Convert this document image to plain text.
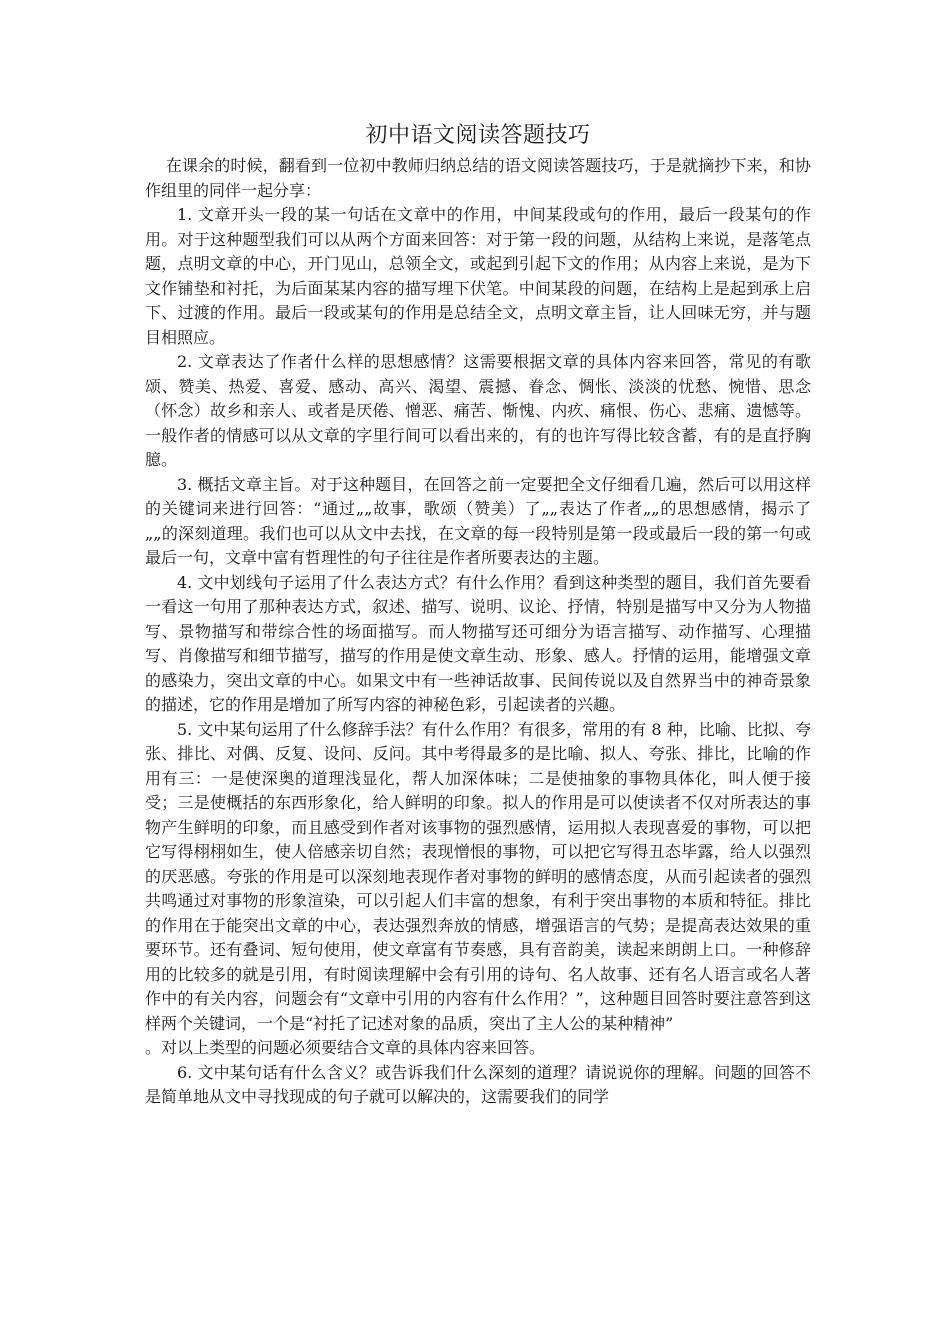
初中语文阅读答题技巧

在课余的时候，翻看到一位初中教师归纳总结的语文阅读答题技巧，于是就摘抄下来，和协作组里的同伴一起分享：

1. 文章开头一段的某一句话在文章中的作用，中间某段或句的作用，最后一段某句的作用。对于这种题型我们可以从两个方面来回答：对于第一段的问题，从结构上来说，是落笔点题，点明文章的中心，开门见山，总领全文，或起到引起下文的作用；从内容上来说，是为下文作铺垫和衬托，为后面某某内容的描写埋下伏笔。中间某段的问题，在结构上是起到承上启下、过渡的作用。最后一段或某句的作用是总结全文，点明文章主旨，让人回味无穷，并与题目相照应。

2. 文章表达了作者什么样的思想感情？这需要根据文章的具体内容来回答，常见的有歌颂、赞美、热爱、喜爱、感动、高兴、渴望、震撼、眷念、惆怅、淡淡的忧愁、惋惜、思念（怀念）故乡和亲人、或者是厌倦、憎恶、痛苦、惭愧、内疚、痛恨、伤心、悲痛、遗憾等。一般作者的情感可以从文章的字里行间可以看出来的，有的也许写得比较含蓄，有的是直抒胸臆。

3. 概括文章主旨。对于这种题目，在回答之前一定要把全文仔细看几遍，然后可以用这样的关键词来进行回答：“通过„„故事，歌颂（赞美）了„„表达了作者„„的思想感情，揭示了„„的深刻道理。我们也可以从文中去找，在文章的每一段特别是第一段或最后一段的第一句或最后一句，文章中富有哲理性的句子往往是作者所要表达的主题。

4. 文中划线句子运用了什么表达方式？有什么作用？看到这种类型的题目，我们首先要看一看这一句用了那种表达方式，叙述、描写、说明、议论、抒情，特别是描写中又分为人物描写、景物描写和带综合性的场面描写。而人物描写还可细分为语言描写、动作描写、心理描写、肖像描写和细节描写，描写的作用是使文章生动、形象、感人。抒情的运用，能增强文章的感染力，突出文章的中心。如果文中有一些神话故事、民间传说以及自然界当中的神奇景象的描述，它的作用是增加了所写内容的神秘色彩，引起读者的兴趣。

5. 文中某句运用了什么修辞手法？有什么作用？有很多，常用的有 8 种，比喻、比拟、夸张、排比、对偶、反复、设问、反问。其中考得最多的是比喻、拟人、夸张、排比，比喻的作用有三：一是使深奥的道理浅显化，帮人加深体味；二是使抽象的事物具体化，叫人便于接受；三是使概括的东西形象化，给人鲜明的印象。拟人的作用是可以使读者不仅对所表达的事物产生鲜明的印象，而且感受到作者对该事物的强烈感情，运用拟人表现喜爱的事物，可以把它写得栩栩如生，使人倍感亲切自然；表现憎恨的事物，可以把它写得丑态毕露，给人以强烈的厌恶感。夸张的作用是可以深刻地表现作者对事物的鲜明的感情态度，从而引起读者的强烈共鸣通过对事物的形象渲染，可以引起人们丰富的想象，有利于突出事物的本质和特征。排比的作用在于能突出文章的中心，表达强烈奔放的情感，增强语言的气势；是提高表达效果的重要环节。还有叠词、短句使用，使文章富有节奏感，具有音韵美，读起来朗朗上口。一种修辞用的比较多的就是引用，有时阅读理解中会有引用的诗句、名人故事、还有名人语言或名人著作中的有关内容，问题会有“文章中引用的内容有什么作用？”，这种题目回答时要注意答到这样两个关键词，一个是“衬托了记述对象的品质，突出了主人公的某种精神”

。对以上类型的问题必须要结合文章的具体内容来回答。

6. 文中某句话有什么含义？或告诉我们什么深刻的道理？请说说你的理解。问题的回答不是简单地从文中寻找现成的句子就可以解决的，这需要我们的同学
